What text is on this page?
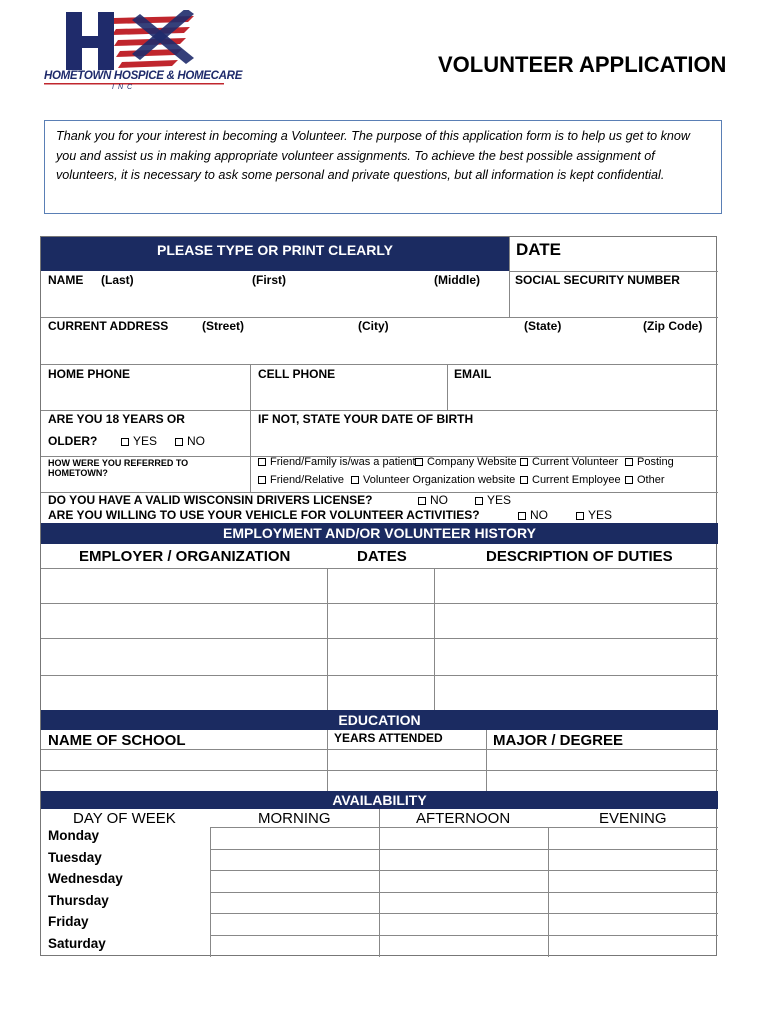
HOMETOWN HOSPICE & HOMECARE
INC
VOLUNTEER APPLICATION
Thank you for your interest in becoming a Volunteer. The purpose of this application form is to help us get to know you and assist us in making appropriate volunteer assignments. To achieve the best possible assignment of volunteers, it is necessary to ask some personal and private questions, but all information is kept confidential.
PLEASE TYPE OR PRINT CLEARLY	DATE
NAME (Last)	(First)	(Middle)	SOCIAL SECURITY NUMBER
CURRENT ADDRESS	(Street)	(City)	(State)	(Zip Code)
HOME PHONE	CELL PHONE	EMAIL
ARE YOU 18 YEARS OR
OLDER?	YES	NO
IF NOT, STATE YOUR DATE OF BIRTH
HOW WERE YOU REFERRED TO
HOMETOWN?
Friend/Family is/was a patient	Company Website	Current Volunteer	Posting
Friend/Relative	Volunteer Organization website	Current Employee	Other
DO YOU HAVE A VALID WISCONSIN DRIVERS LICENSE?	NO	YES
ARE YOU WILLING TO USE YOUR VEHICLE FOR VOLUNTEER ACTIVITIES?	NO	YES
EMPLOYMENT AND/OR VOLUNTEER HISTORY
EMPLOYER / ORGANIZATION	DATES	DESCRIPTION OF DUTIES
EDUCATION
NAME OF SCHOOL	YEARS ATTENDED	MAJOR / DEGREE
AVAILABILITY
DAY OF WEEK	MORNING	AFTERNOON	EVENING
Monday
Tuesday
Wednesday
Thursday
Friday
Saturday
